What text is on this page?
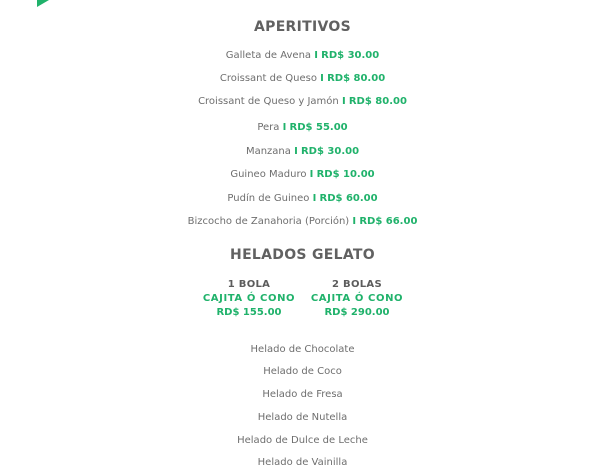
APERITIVOS
Galleta de Avena I RD$ 30.00
Croissant de Queso I RD$ 80.00
Croissant de Queso y Jamón I RD$ 80.00
Pera I RD$ 55.00
Manzana I RD$ 30.00
Guineo Maduro I RD$ 10.00
Pudín de Guineo I RD$ 60.00
Bizcocho de Zanahoria (Porción) I RD$ 66.00
HELADOS GELATO
1 BOLA
CAJITA Ó CONO
RD$ 155.00
2 BOLAS
CAJITA Ó CONO
RD$ 290.00
Helado de Chocolate
Helado de Coco
Helado de Fresa
Helado de Nutella
Helado de Dulce de Leche
Helado de Vainilla
